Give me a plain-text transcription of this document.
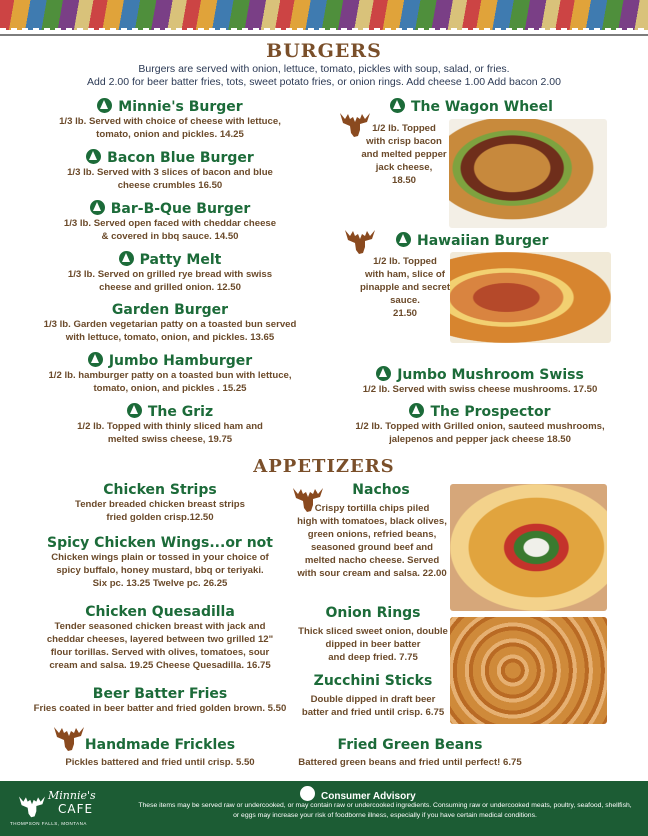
BURGERS
Burgers are served with onion, lettuce, tomato, pickles with soup, salad, or fries.
Add 2.00 for beer batter fries, tots, sweet potato fries, or onion rings. Add cheese 1.00 Add bacon 2.00
Minnie's Burger
1/3 lb. Served with choice of cheese with lettuce,
tomato, onion and pickles. 14.25
Bacon Blue Burger
1/3 lb. Served with 3 slices of bacon and blue
cheese crumbles 16.50
Bar-B-Que Burger
1/3 lb. Served open faced with cheddar cheese
& covered in bbq sauce. 14.50
Patty Melt
1/3 lb. Served on grilled rye bread with swiss
cheese and grilled onion. 12.50
Garden Burger
1/3 lb. Garden vegetarian patty on a toasted bun served
with lettuce, tomato, onion, and pickles. 13.65
Jumbo Hamburger
1/2 lb. hamburger patty on a toasted bun with lettuce,
tomato, onion, and pickles . 15.25
The Griz
1/2 lb. Topped with thinly sliced ham and
melted swiss cheese, 19.75
The Wagon Wheel
1/2 lb. Topped
with crisp bacon
and melted pepper
jack cheese,
18.50
Hawaiian Burger
1/2 lb. Topped
with ham, slice of
pinapple and secret
sauce.
21.50
Jumbo Mushroom Swiss
1/2 lb. Served with swiss cheese mushrooms. 17.50
The Prospector
1/2 lb. Topped with Grilled onion, sauteed mushrooms,
jalepenos and pepper jack cheese 18.50
APPETIZERS
Chicken Strips
Tender breaded chicken breast strips
fried golden crisp.12.50
Spicy Chicken Wings...or not
Chicken wings plain or tossed in your choice of
spicy buffalo, honey mustard, bbq or teriyaki.
Six pc. 13.25 Twelve pc. 26.25
Chicken Quesadilla
Tender seasoned chicken breast with jack and
cheddar cheeses, layered between two grilled 12"
flour torillas. Served with olives, tomatoes, sour
cream and salsa. 19.25 Cheese Quesadilla. 16.75
Beer Batter Fries
Fries coated in beer batter and fried golden brown. 5.50
Handmade Frickles
Pickles battered and fried until crisp. 5.50
Nachos
Crispy tortilla chips piled
high with tomatoes, black olives,
green onions, refried beans,
seasoned ground beef and
melted nacho cheese. Served
with sour cream and salsa. 22.00
Onion Rings
Thick sliced sweet onion, double
dipped in beer batter
and deep fried. 7.75
Zucchini Sticks
Double dipped in draft beer
batter and fried until crisp. 6.75
Fried Green Beans
Battered green beans and fried until perfect! 6.75
Minnie's
CAFE
THOMPSON FALLS, MONTANA
Consumer Advisory
These items may be served raw or undercooked, or may contain raw or undercooked ingredients. Consuming raw or undercooked meats, poultry, seafood, shellfish, or eggs may increase your risk of foodborne illness, especially if you have certain medical conditions.
